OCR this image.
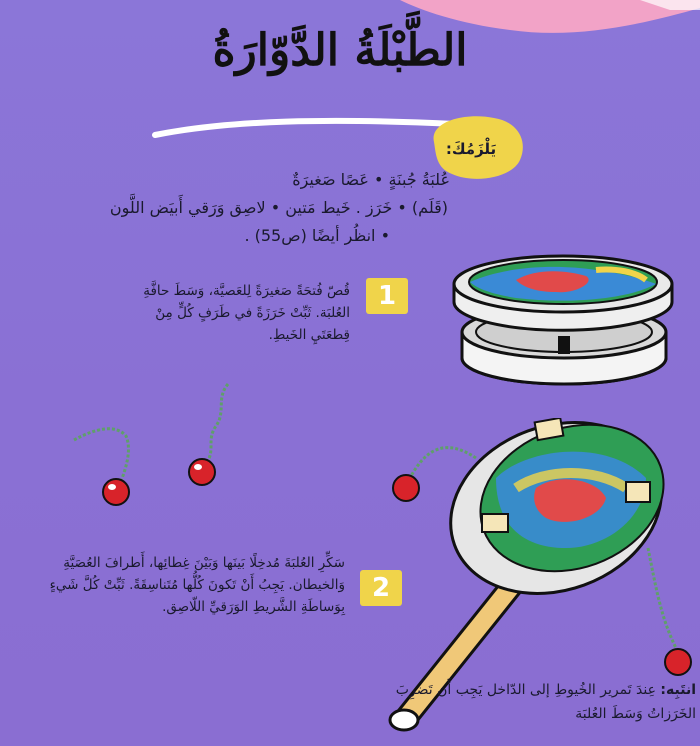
الطَّبْلَةُ الدَّوّارَةُ
يَلْزَمُكَ:
عُلبَةُ جُبنَةٍ • عَصًا صَغيرَةٌ
(قَلَم) • خَرَز . خَيط مَتين • لاصِق وَرَقي أَبيَض اللَّون
• انظُر أيضًا (ص55) .
1
قُصّ فُتحَةً صَغيرَةً لِلعَصيَّة، وَسَطَ حافَّةِ العُلبَة. ثَبِّتْ خَرَزَةً في طَرَفٍ كُلٍّ مِنْ قِطعَتَيِ الخَيطِ.
2
سَكِّرِ العُلبَةَ مُدخِلًا بَينَها وَبَيْنَ غِطائِها، أَطرافَ العُصَيَّةِ وَالخيطان. يَجِبُ أَنْ تَكونَ كُلُّها مُتَناسِقَةً. ثَبِّتْ كُلَّ شَيءٍ بِوَساطَةِ الشَّريطِ الوَرَقيِّ اللّاصِق.
انتَبِه: عِندَ تَمرير الخُيوطِ إلى الدّاخل يَجِب أَن تَضرِبَ الخَرَزاتُ وَسَطَ العُلبَة
